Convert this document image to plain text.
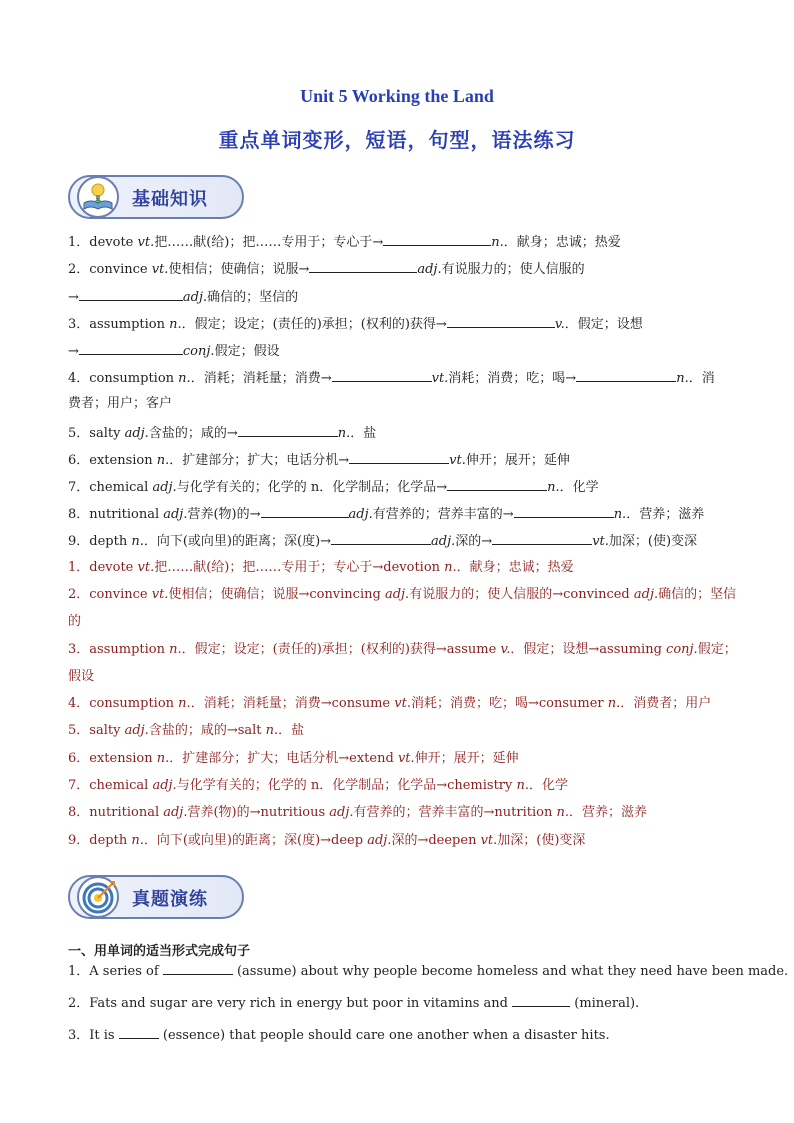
Unit 5 Working the Land
重点单词变形，短语，句型，语法练习
基础知识
1．devote vt.把……献(给)；把……专用于；专心于→	n.．献身；忠诚；热爱
2．convince vt.使相信；使确信；说服→	adj.有说服力的；使人信服的
→	adj.确信的；坚信的
3．assumption n.．假定；设定；(责任的)承担；(权利的)获得→	v.．假定；设想
→	conj.假定；假设
4．consumption n.．消耗；消耗量；消费→	vt.消耗；消费；吃；喝→	n.．消
费者；用户；客户
5．salty adj.含盐的；咸的→	n.．盐
6．extension n.．扩建部分；扩大；电话分机→	vt.伸开；展开；延伸
7．chemical adj.与化学有关的；化学的 n．化学制品；化学品→	n.．化学
8．nutritional adj.营养(物)的→	adj.有营养的；营养丰富的→	n.．营养；滋养
9．depth n.．向下(或向里)的距离；深(度)→	adj.深的→	vt.加深；(使)变深
1．devote vt.把……献(给)；把……专用于；专心于→devotion n.．献身；忠诚；热爱
2．convince vt.使相信；使确信；说服→convincing adj.有说服力的；使人信服的→convinced adj.确信的；坚信
的
3．assumption n.．假定；设定；(责任的)承担；(权利的)获得→assume v.．假定；设想→assuming conj.假定；
假设
4．consumption n.．消耗；消耗量；消费→consume vt.消耗；消费；吃；喝→consumer n.．消费者；用户
5．salty adj.含盐的；咸的→salt n.．盐
6．extension n.．扩建部分；扩大；电话分机→extend vt.伸开；展开；延伸
7．chemical adj.与化学有关的；化学的 n．化学制品；化学品→chemistry n.．化学
8．nutritional adj.营养(物)的→nutritious adj.有营养的；营养丰富的→nutrition n.．营养；滋养
9．depth n.．向下(或向里)的距离；深(度)→deep adj.深的→deepen vt.加深；(使)变深
真题演练
一、用单词的适当形式完成句子
1．A series of	(assume) about why people become homeless and what they need have been made.
2．Fats and sugar are very rich in energy but poor in vitamins and	(mineral).
3．It is	(essence) that people should care one another when a disaster hits.
